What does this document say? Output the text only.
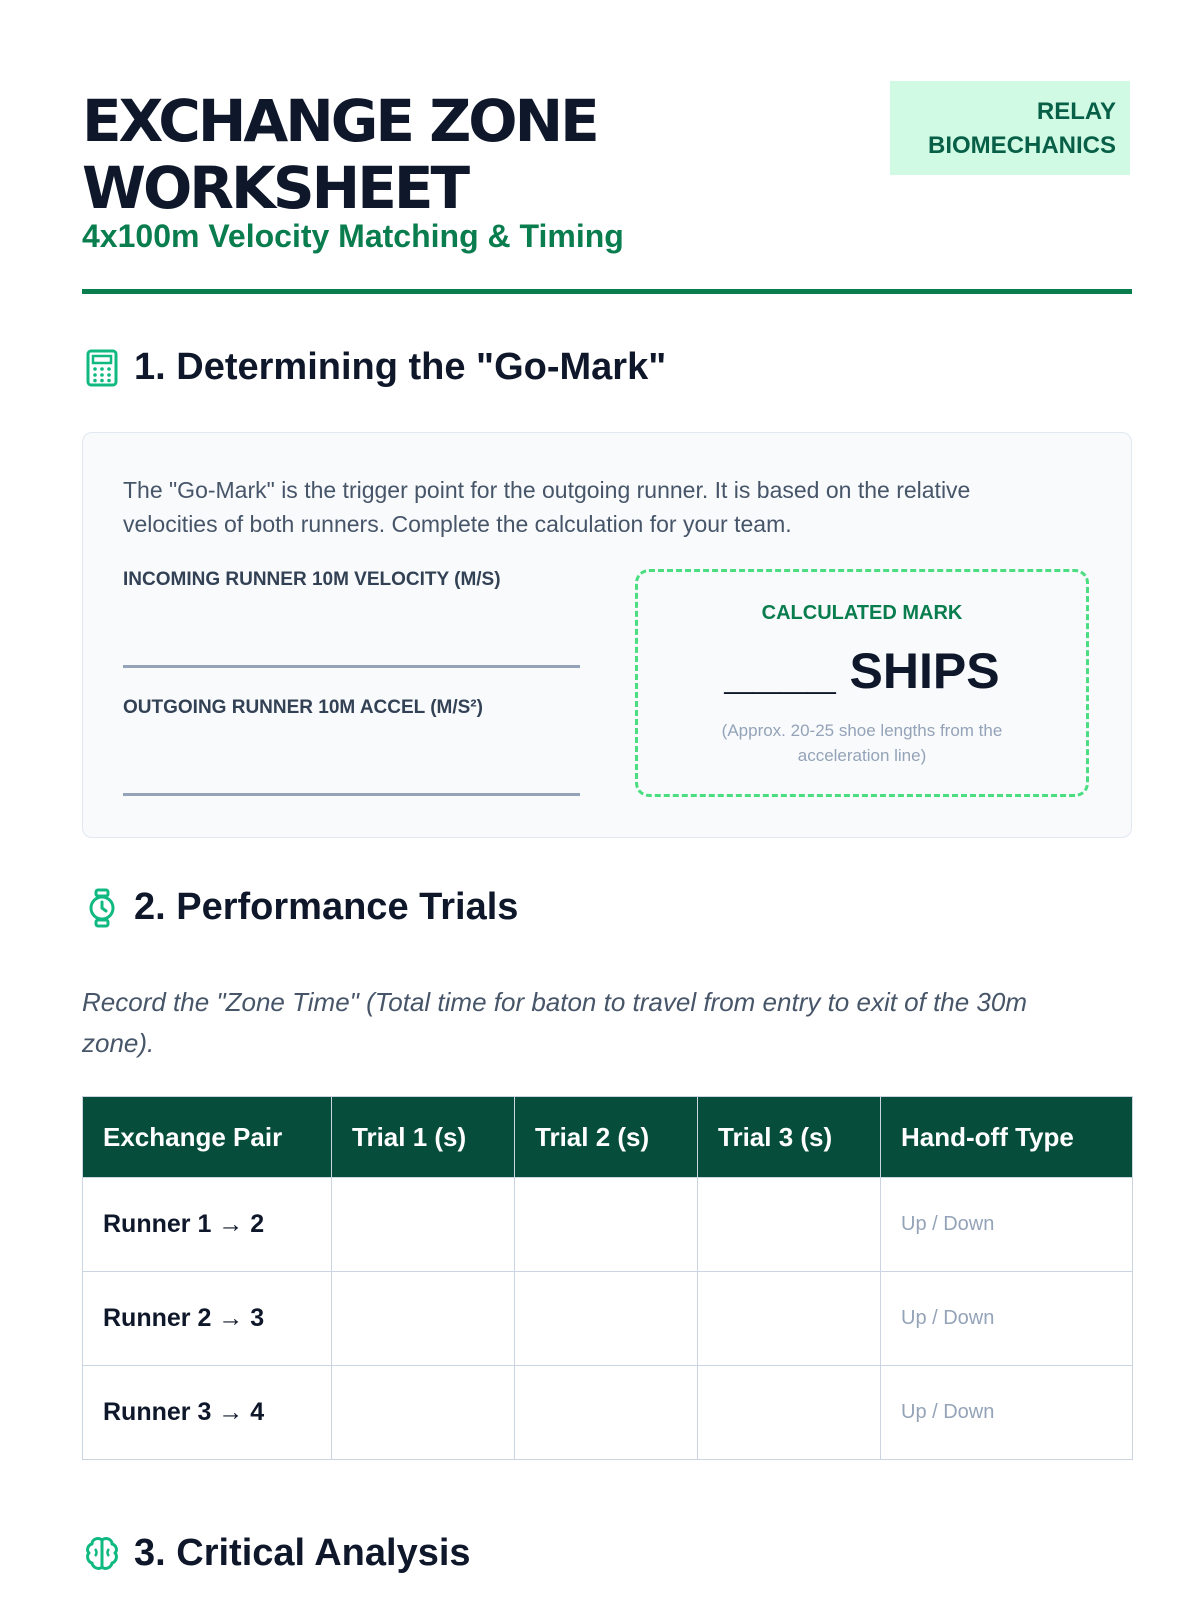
EXCHANGE ZONE WORKSHEET
4x100m Velocity Matching & Timing
RELAY
BIOMECHANICS
1. Determining the "Go-Mark"
The "Go-Mark" is the trigger point for the outgoing runner. It is based on the relative velocities of both runners. Complete the calculation for your team.
INCOMING RUNNER 10M VELOCITY (M/S)
OUTGOING RUNNER 10M ACCEL (M/S²)
CALCULATED MARK
____ SHIPS
(Approx. 20-25 shoe lengths from the acceleration line)
2. Performance Trials
Record the "Zone Time" (Total time for baton to travel from entry to exit of the 30m zone).
Exchange Pair	Trial 1 (s)	Trial 2 (s)	Trial 3 (s)	Hand-off Type
Runner 1 → 2				Up / Down
Runner 2 → 3				Up / Down
Runner 3 → 4				Up / Down
3. Critical Analysis
